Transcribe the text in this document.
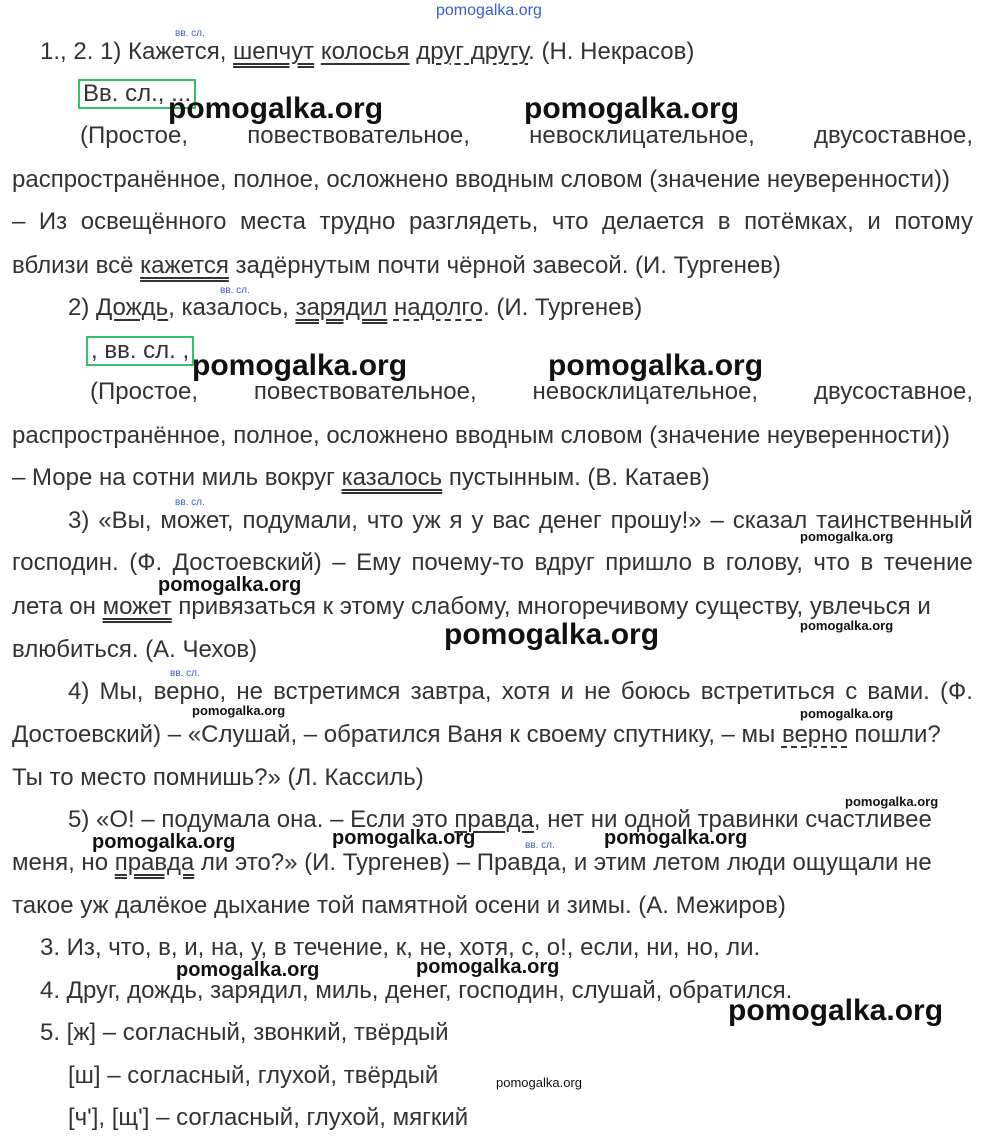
pomogalka.org
вв. сл.
1., 2. 1) Кажется, шепчут колосья друг другу. (Н. Некрасов)
Вв. сл., ...
(Простое, повествовательное, невосклицательное, двусоставное,
распространённое, полное, осложнено вводным словом (значение неуверенности))
– Из освещённого места трудно разглядеть, что делается в потёмках, и потому
вблизи всё кажется задёрнутым почти чёрной завесой. (И. Тургенев)
вв. сл.
2) Дождь, казалось, зарядил надолго. (И. Тургенев)
, вв. сл. ,
(Простое, повествовательное, невосклицательное, двусоставное,
распространённое, полное, осложнено вводным словом (значение неуверенности))
– Море на сотни миль вокруг казалось пустынным. (В. Катаев)
вв. сл.
3) «Вы, может, подумали, что уж я у вас денег прошу!» – сказал таинственный
господин. (Ф. Достоевский) – Ему почему-то вдруг пришло в голову, что в течение
лета он может привязаться к этому слабому, многоречивому существу, увлечься и
влюбиться. (А. Чехов)
вв. сл.
4) Мы, верно, не встретимся завтра, хотя и не боюсь встретиться с вами. (Ф.
Достоевский) – «Слушай, – обратился Ваня к своему спутнику, – мы верно пошли?
Ты то место помнишь?» (Л. Кассиль)
вв. сл.
5) «О! – подумала она. – Если это правда, нет ни одной травинки счастливее
меня, но правда ли это?» (И. Тургенев) – Правда, и этим летом люди ощущали не
такое уж далёкое дыхание той памятной осени и зимы. (А. Межиров)
3. Из, что, в, и, на, у, в течение, к, не, хотя, с, о!, если, ни, но, ли.
4. Друг, дождь, зарядил, миль, денег, господин, слушай, обратился.
5. [ж] – согласный, звонкий, твёрдый
[ш] – согласный, глухой, твёрдый
[ч'], [щ'] – согласный, глухой, мягкий
pomogalka.org	pomogalka.org
pomogalka.org	pomogalka.org
pomogalka.org
pomogalka.org
pomogalka.org	pomogalka.org
pomogalka.org	pomogalka.org
pomogalka.org
pomogalka.org	pomogalka.org	pomogalka.org
pomogalka.org	pomogalka.org
pomogalka.org
pomogalka.org
